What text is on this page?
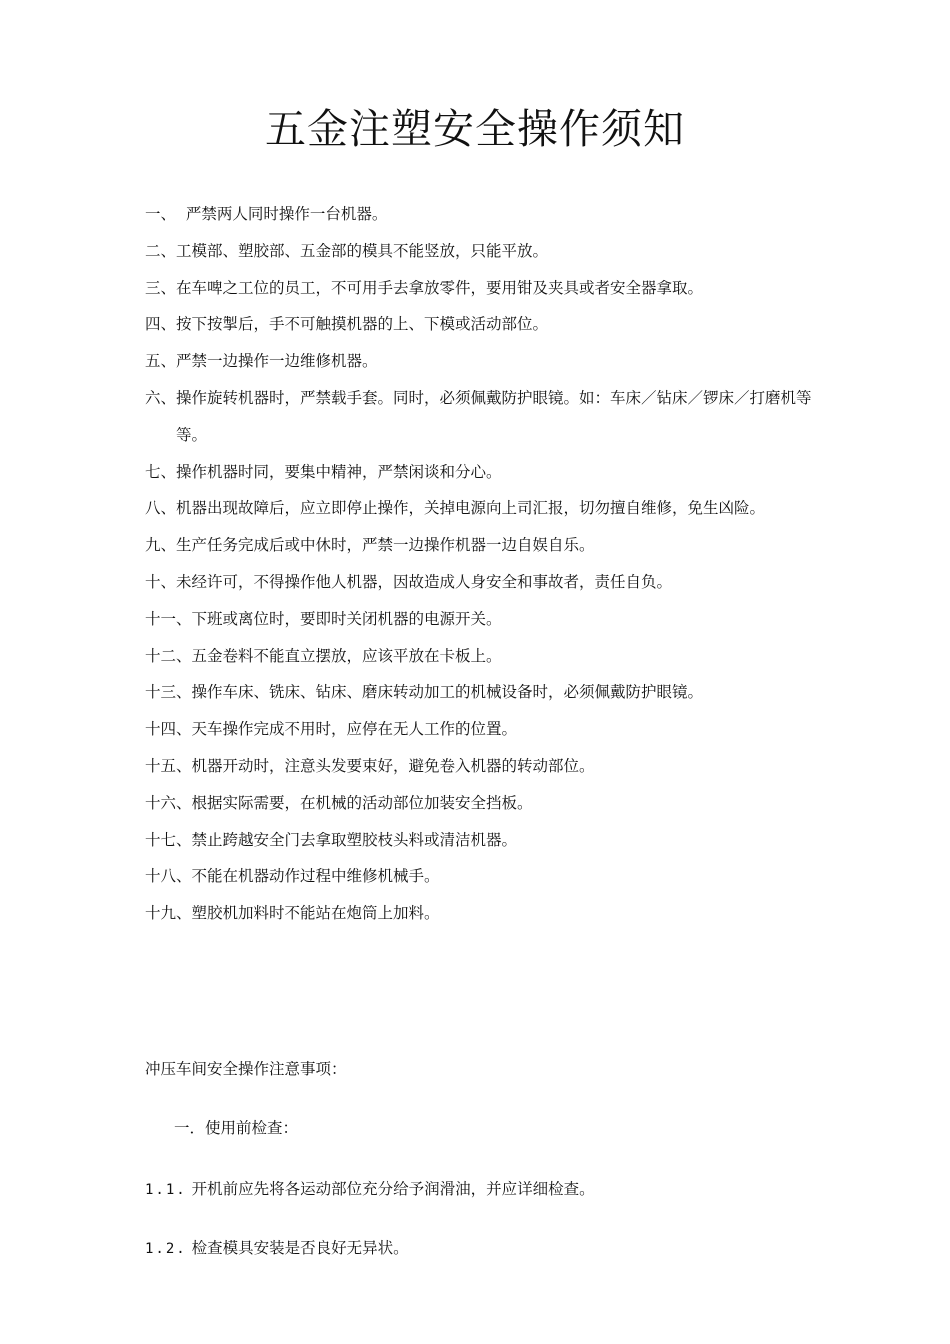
五金注塑安全操作须知
一、 严禁两人同时操作一台机器。
二、 工模部、塑胶部、五金部的模具不能竖放，只能平放。
三、 在车啤之工位的员工，不可用手去拿放零件，要用钳及夹具或者安全器拿取。
四、 按下按掣后，手不可触摸机器的上、下模或活动部位。
五、 严禁一边操作一边维修机器。
六、 操作旋转机器时，严禁载手套。同时，必须佩戴防护眼镜。如：车床／钻床／锣床／打磨机等等。
七、 操作机器时同，要集中精神，严禁闲谈和分心。
八、 机器出现故障后，应立即停止操作，关掉电源向上司汇报，切勿擅自维修，免生凶险。
九、 生产任务完成后或中休时，严禁一边操作机器一边自娱自乐。
十、 未经许可，不得操作他人机器，因故造成人身安全和事故者，责任自负。
十一、 下班或离位时，要即时关闭机器的电源开关。
十二、 五金卷料不能直立摆放，应该平放在卡板上。
十三、 操作车床、铣床、钻床、磨床转动加工的机械设备时，必须佩戴防护眼镜。
十四、 天车操作完成不用时，应停在无人工作的位置。
十五、 机器开动时，注意头发要束好，避免卷入机器的转动部位。
十六、 根据实际需要，在机械的活动部位加装安全挡板。
十七、 禁止跨越安全门去拿取塑胶枝头料或清洁机器。
十八、 不能在机器动作过程中维修机械手。
十九、 塑胶机加料时不能站在炮筒上加料。
冲压车间安全操作注意事项：
一．使用前检查：
1.1. 开机前应先将各运动部位充分给予润滑油，并应详细检查。
1.2. 检查模具安装是否良好无异状。
